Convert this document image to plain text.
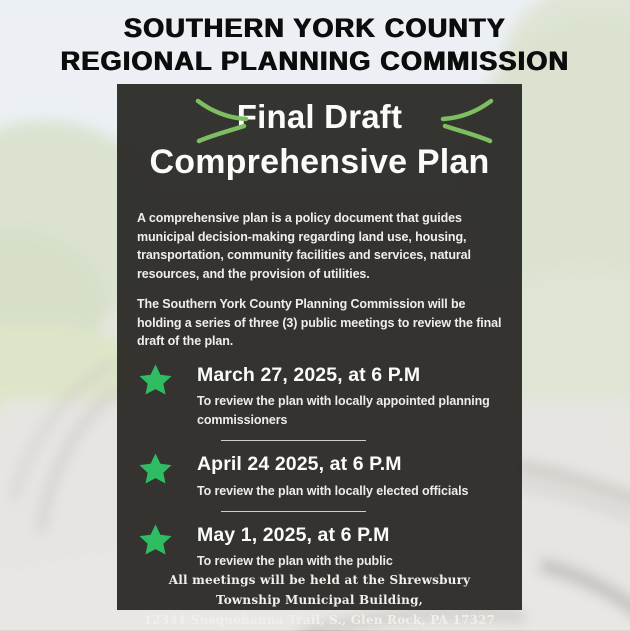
SOUTHERN YORK COUNTY
REGIONAL PLANNING COMMISSION
Final Draft
Comprehensive Plan

A comprehensive plan is a policy document that guides municipal decision-making regarding land use, housing, transportation, community facilities and services, natural resources, and the provision of utilities.

The Southern York County Planning Commission will be holding a series of three (3) public meetings to review the final draft of the plan.

March 27, 2025, at 6 P.M
To review the plan with locally appointed planning commissioners
April 24 2025, at 6 P.M
To review the plan with locally elected officials
May 1, 2025, at 6 P.M
To review the plan with the public
All meetings will be held at the Shrewsbury Township Municipal Building,
12341 Susquehanna Trail, S., Glen Rock, PA 17327
